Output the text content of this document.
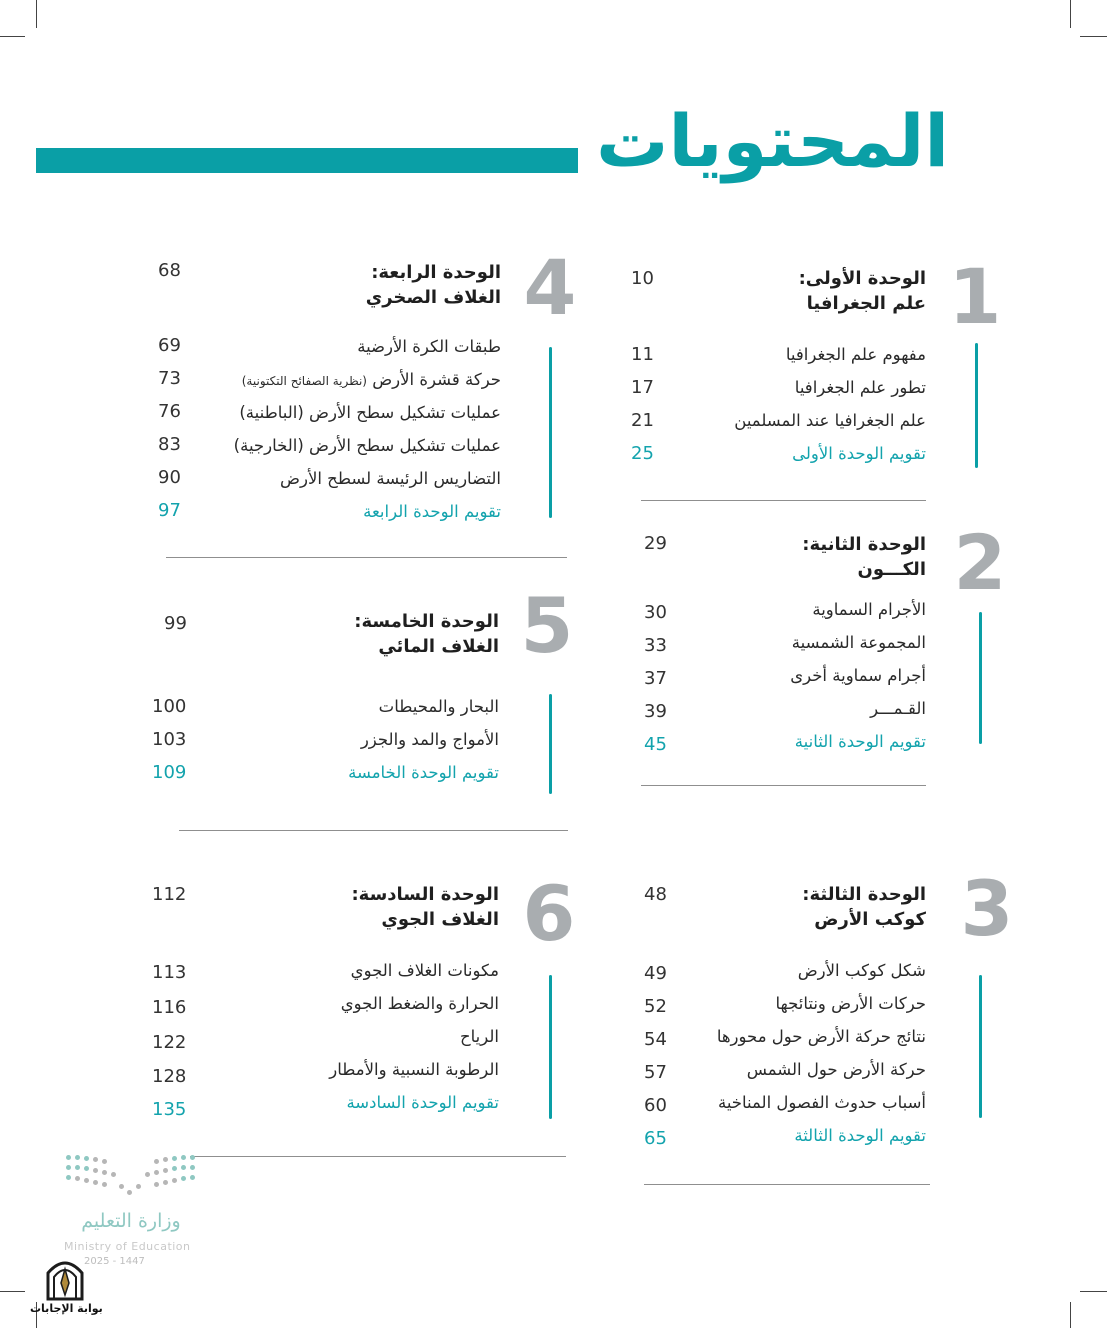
المحتويات
1
الوحدة الأولى:
علم الجغرافيا
10
مفهوم علم الجغرافيا
11
تطور علم الجغرافيا
17
علم الجغرافيا عند المسلمين
21
تقويم الوحدة الأولى
25
2
الوحدة الثانية:
الكـــون
29
الأجرام السماوية
30
المجموعة الشمسية
33
أجرام سماوية أخرى
37
القـمـــر
39
تقويم الوحدة الثانية
45
3
الوحدة الثالثة:
كوكب الأرض
48
شكل كوكب الأرض
49
حركات الأرض ونتائجها
52
نتائج حركة الأرض حول محورها
54
حركة الأرض حول الشمس
57
أسباب حدوث الفصول المناخية
60
تقويم الوحدة الثالثة
65
4
الوحدة الرابعة:
الغلاف الصخري
68
طبقات الكرة الأرضية
69
حركة قشرة الأرض (نظرية الصفائح التكتونية)
73
عمليات تشكيل سطح الأرض (الباطنية)
76
عمليات تشكيل سطح الأرض (الخارجية)
83
التضاريس الرئيسة لسطح الأرض
90
تقويم الوحدة الرابعة
97
5
الوحدة الخامسة:
الغلاف المائي
99
البحار والمحيطات
100
الأمواج والمد والجزر
103
تقويم الوحدة الخامسة
109
6
الوحدة السادسة:
الغلاف الجوي
112
مكونات الغلاف الجوي
113
الحرارة والضغط الجوي
116
الرياح
122
الرطوبة النسبية والأمطار
128
تقويم الوحدة السادسة
135
وزارة التعليم
Ministry of Education
2025 - 1447
بوابة الإجابات
